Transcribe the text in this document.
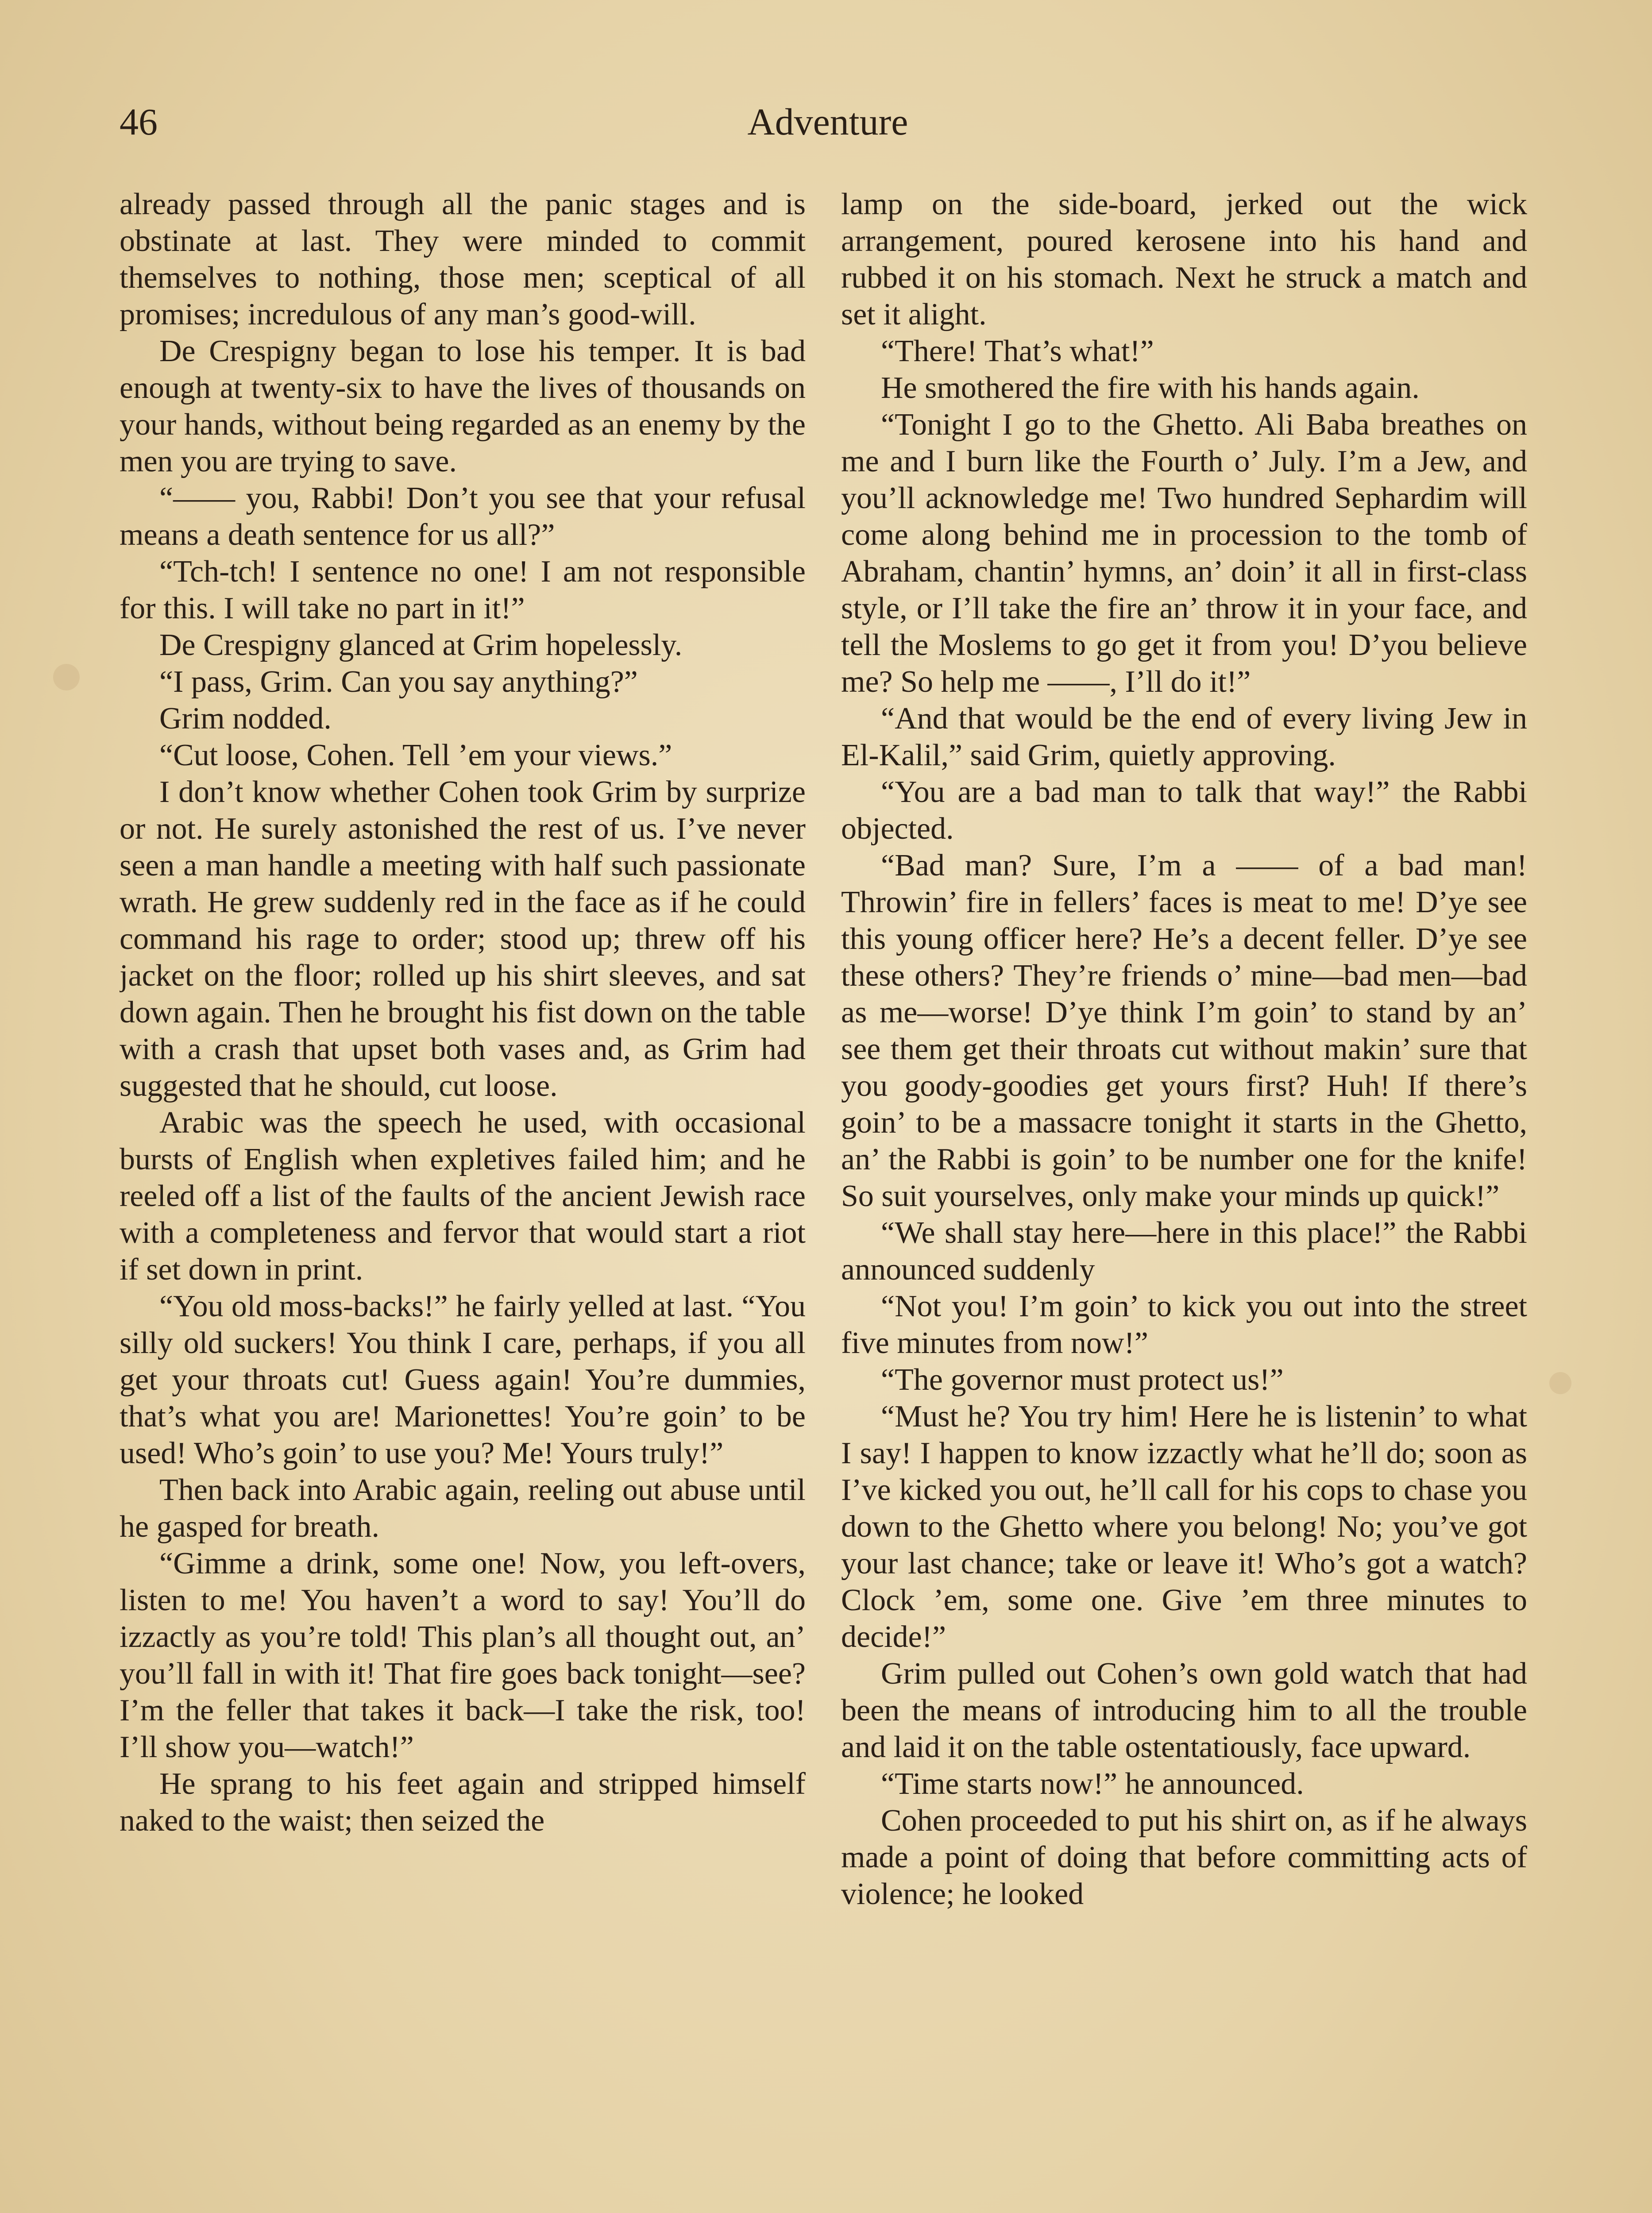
46	Adventure

already passed through all the panic stages and is obstinate at last. They were minded to commit themselves to nothing, those men; sceptical of all promises; incredulous of any man’s good-will.

De Crespigny began to lose his temper. It is bad enough at twenty-six to have the lives of thousands on your hands, without being regarded as an enemy by the men you are trying to save.

“—— you, Rabbi! Don’t you see that your refusal means a death sentence for us all?”

“Tch-tch! I sentence no one! I am not responsible for this. I will take no part in it!”

De Crespigny glanced at Grim hopelessly.

“I pass, Grim. Can you say anything?”

Grim nodded.

“Cut loose, Cohen. Tell ’em your views.”

I don’t know whether Cohen took Grim by surprize or not. He surely astonished the rest of us. I’ve never seen a man handle a meeting with half such passionate wrath. He grew suddenly red in the face as if he could command his rage to order; stood up; threw off his jacket on the floor; rolled up his shirt sleeves, and sat down again. Then he brought his fist down on the table with a crash that upset both vases and, as Grim had suggested that he should, cut loose.

Arabic was the speech he used, with occasional bursts of English when expletives failed him; and he reeled off a list of the faults of the ancient Jewish race with a completeness and fervor that would start a riot if set down in print.

“You old moss-backs!” he fairly yelled at last. “You silly old suckers! You think I care, perhaps, if you all get your throats cut! Guess again! You’re dummies, that’s what you are! Marionettes! You’re goin’ to be used! Who’s goin’ to use you? Me! Yours truly!”

Then back into Arabic again, reeling out abuse until he gasped for breath.

“Gimme a drink, some one! Now, you left-overs, listen to me! You haven’t a word to say! You’ll do izzactly as you’re told! This plan’s all thought out, an’ you’ll fall in with it! That fire goes back tonight—see? I’m the feller that takes it back—I take the risk, too! I’ll show you—watch!”

He sprang to his feet again and stripped himself naked to the waist; then seized the

lamp on the side-board, jerked out the wick arrangement, poured kerosene into his hand and rubbed it on his stomach. Next he struck a match and set it alight.

“There! That’s what!”

He smothered the fire with his hands again.

“Tonight I go to the Ghetto. Ali Baba breathes on me and I burn like the Fourth o’ July. I’m a Jew, and you’ll acknowledge me! Two hundred Sephardim will come along behind me in procession to the tomb of Abraham, chantin’ hymns, an’ doin’ it all in first-class style, or I’ll take the fire an’ throw it in your face, and tell the Moslems to go get it from you! D’you believe me? So help me ——, I’ll do it!”

“And that would be the end of every living Jew in El-Kalil,” said Grim, quietly approving.

“You are a bad man to talk that way!” the Rabbi objected.

“Bad man? Sure, I’m a —— of a bad man! Throwin’ fire in fellers’ faces is meat to me! D’ye see this young officer here? He’s a decent feller. D’ye see these others? They’re friends o’ mine—bad men—bad as me—worse! D’ye think I’m goin’ to stand by an’ see them get their throats cut without makin’ sure that you goody-goodies get yours first? Huh! If there’s goin’ to be a massacre tonight it starts in the Ghetto, an’ the Rabbi is goin’ to be number one for the knife! So suit yourselves, only make your minds up quick!”

“We shall stay here—here in this place!” the Rabbi announced suddenly

“Not you! I’m goin’ to kick you out into the street five minutes from now!”

“The governor must protect us!”

“Must he? You try him! Here he is listenin’ to what I say! I happen to know izzactly what he’ll do; soon as I’ve kicked you out, he’ll call for his cops to chase you down to the Ghetto where you belong! No; you’ve got your last chance; take or leave it! Who’s got a watch? Clock ’em, some one. Give ’em three minutes to decide!”

Grim pulled out Cohen’s own gold watch that had been the means of introducing him to all the trouble and laid it on the table ostentatiously, face upward.

“Time starts now!” he announced.

Cohen proceeded to put his shirt on, as if he always made a point of doing that before committing acts of violence; he looked
